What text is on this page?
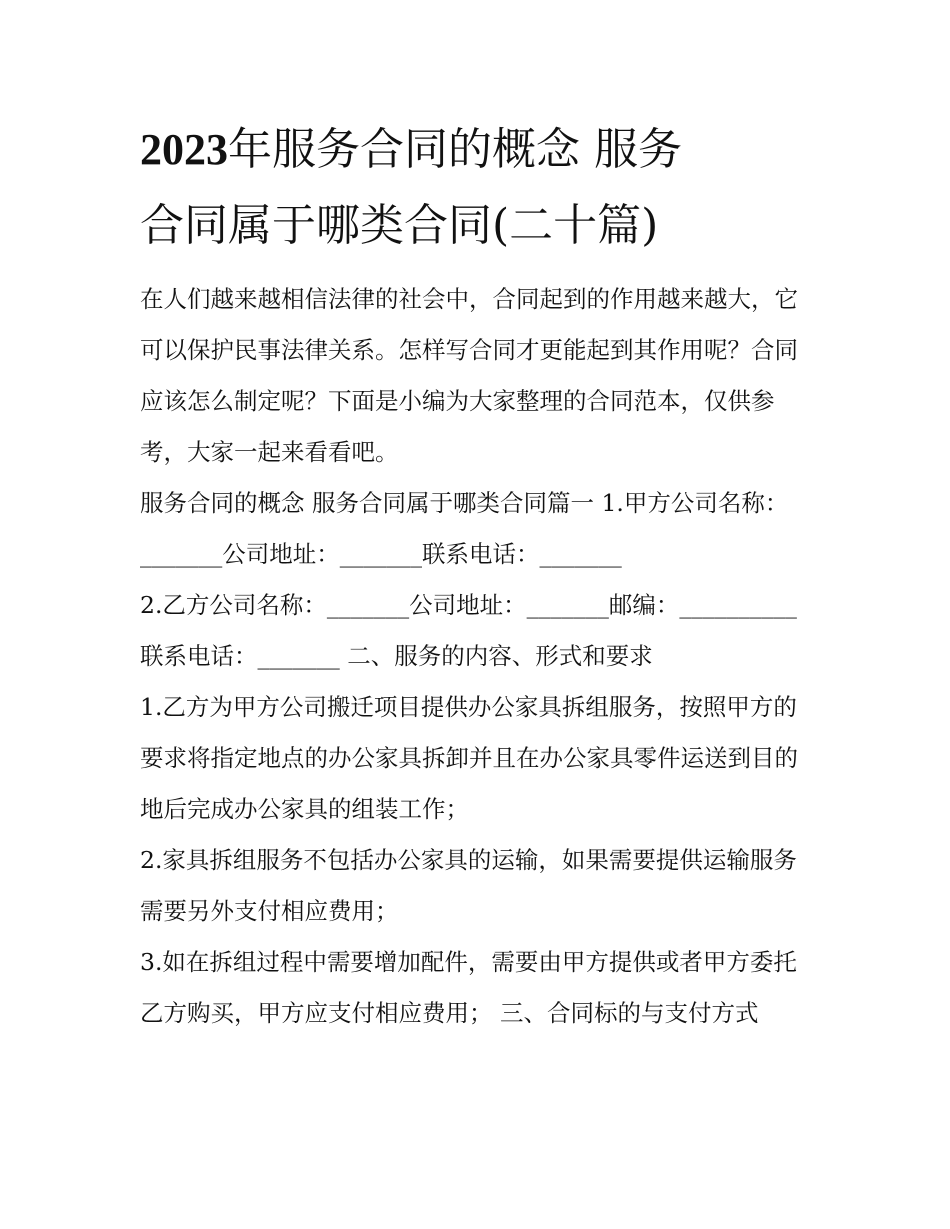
2023年服务合同的概念 服务
合同属于哪类合同(二十篇)

在人们越来越相信法律的社会中，合同起到的作用越来越大，它可以保护民事法律关系。怎样写合同才更能起到其作用呢？合同应该怎么制定呢？下面是小编为大家整理的合同范本，仅供参考，大家一起来看看吧。

服务合同的概念 服务合同属于哪类合同篇一 1.甲方公司名称：_______公司地址：_______联系电话：_______

2.乙方公司名称：_______公司地址：_______邮编：__________联系电话：_______ 二、服务的内容、形式和要求

1.乙方为甲方公司搬迁项目提供办公家具拆组服务，按照甲方的要求将指定地点的办公家具拆卸并且在办公家具零件运送到目的地后完成办公家具的组装工作；

2.家具拆组服务不包括办公家具的运输，如果需要提供运输服务需要另外支付相应费用；

3.如在拆组过程中需要增加配件，需要由甲方提供或者甲方委托乙方购买，甲方应支付相应费用； 三、合同标的与支付方式
